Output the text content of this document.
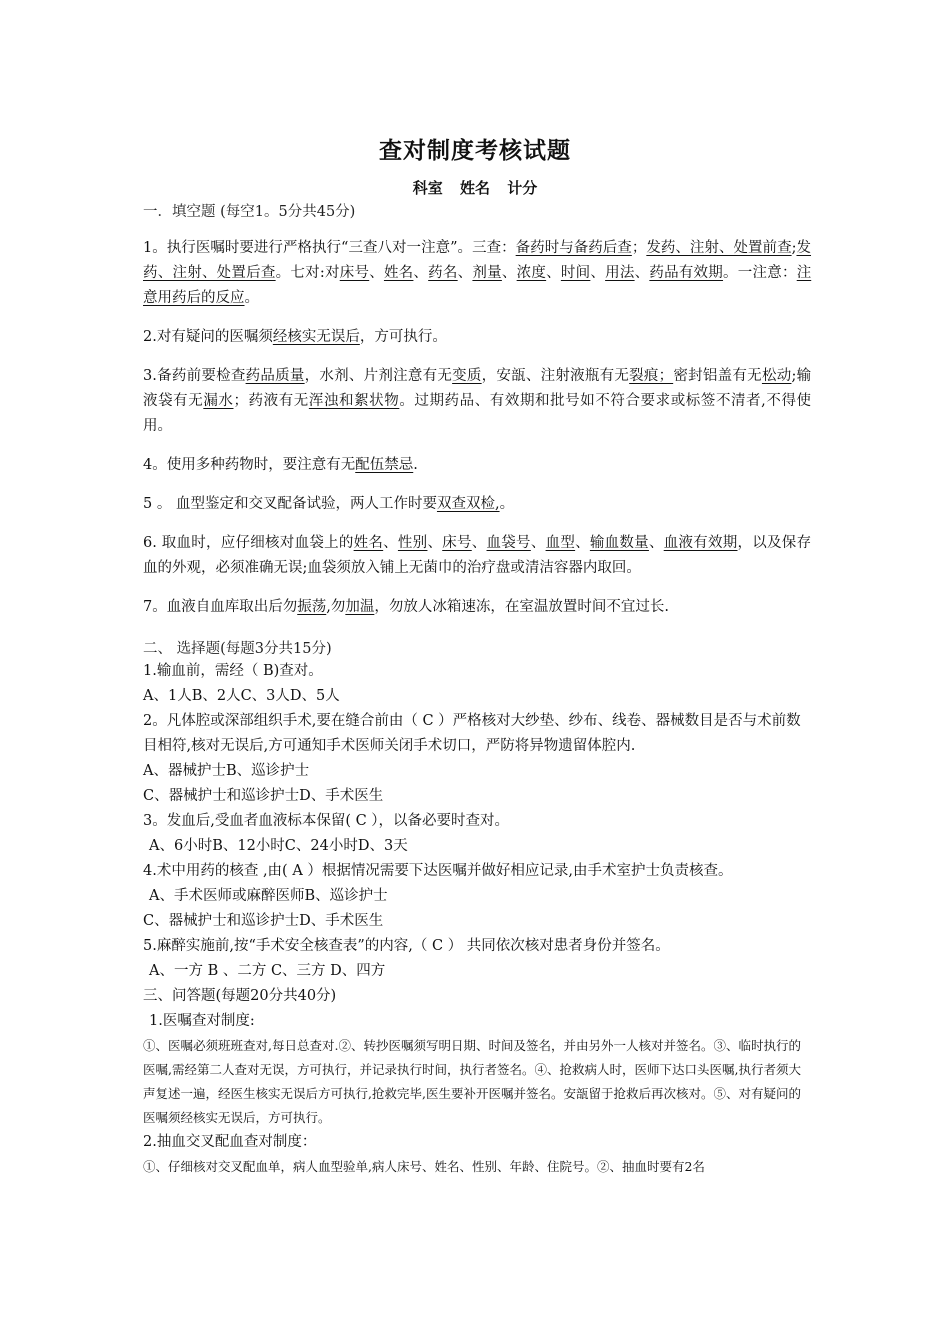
查对制度考核试题
科室 姓名 计分
一．填空题 (每空1。5分共45分)
1。执行医嘱时要进行严格执行“三查八对一注意”。三查：备药时与备药后查；发药、注射、处置前查;发药、注射、处置后查。七对:对床号、姓名、药名、剂量、浓度、时间、用法、药品有效期。一注意：注意用药后的反应。
2.对有疑问的医嘱须经核实无误后，方可执行。
3.备药前要检查药品质量，水剂、片剂注意有无变质，安瓿、注射液瓶有无裂痕；密封铝盖有无松动;输液袋有无漏水；药液有无浑浊和絮状物。过期药品、有效期和批号如不符合要求或标签不清者,不得使用。
4。使用多种药物时，要注意有无配伍禁忌.
5 。 血型鉴定和交叉配备试验，两人工作时要双查双检,。
6. 取血时，应仔细核对血袋上的姓名、性别、床号、血袋号、血型、输血数量、血液有效期，以及保存血的外观，必须准确无误;血袋须放入铺上无菌巾的治疗盘或清洁容器内取回。
7。血液自血库取出后勿振荡,勿加温，勿放人冰箱速冻，在室温放置时间不宜过长.
二、 选择题(每题3分共15分)
1.输血前，需经（ B)查对。
A、1人B、2人C、3人D、5人
2。凡体腔或深部组织手术,要在缝合前由（ C ）严格核对大纱垫、纱布、线卷、器械数目是否与术前数目相符,核对无误后,方可通知手术医师关闭手术切口，严防将异物遗留体腔内.
A、器械护士B、巡诊护士
C、器械护士和巡诊护士D、手术医生
3。发血后,受血者血液标本保留( C ），以备必要时查对。
A、6小时B、12小时C、24小时D、3天
4.术中用药的核查 ,由( A ）根据情况需要下达医嘱并做好相应记录,由手术室护士负责核查。
A、手术医师或麻醉医师B、巡诊护士
C、器械护士和巡诊护士D、手术医生
5.麻醉实施前,按“手术安全核查表”的内容,（ C ） 共同依次核对患者身份并签名。
A、一方 B 、二方 C、三方 D、四方
三、问答题(每题20分共40分)
1.医嘱查对制度:
①、医嘱必须班班查对,每日总查对.②、转抄医嘱须写明日期、时间及签名，并由另外一人核对并签名。③、临时执行的医嘱,需经第二人查对无误，方可执行，并记录执行时间，执行者签名。④、抢救病人时，医师下达口头医嘱,执行者须大声复述一遍，经医生核实无误后方可执行,抢救完毕,医生要补开医嘱并签名。安瓿留于抢救后再次核对。⑤、对有疑问的医嘱须经核实无误后，方可执行。
2.抽血交叉配血查对制度：
①、仔细核对交叉配血单，病人血型验单,病人床号、姓名、性别、年龄、住院号。②、抽血时要有2名
